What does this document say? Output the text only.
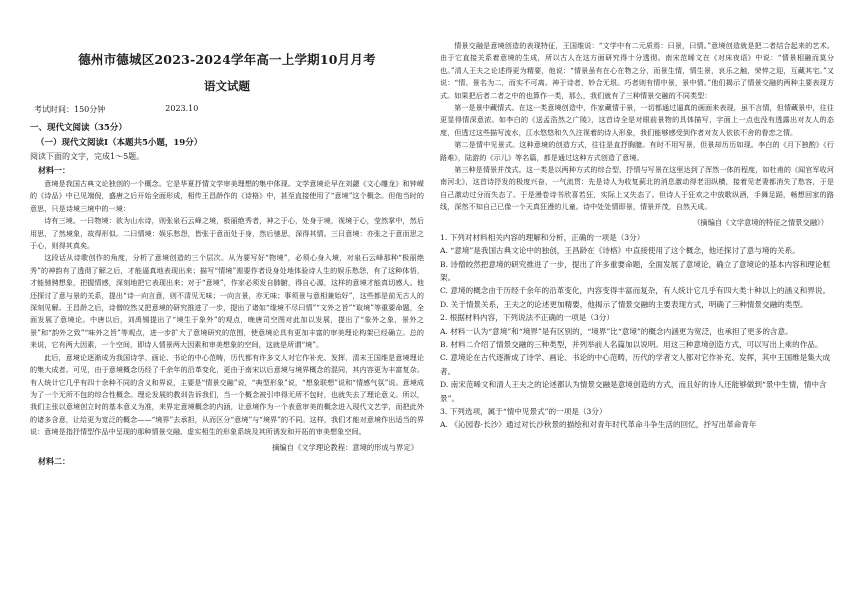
德州市德城区2023-2024学年高一上学期10月月考
语文试题
考试时间：150分钟	2023.10
一、现代文阅读（35分）
（一）现代文阅读Ⅰ（本题共5小题，19分）
阅读下面的文字，完成1～5题。
材料一：

意境是我国古典文论独创的一个概念。它是华夏抒情文学审美理想的集中体现。文学意境论早在刘勰《文心雕龙》和钟嵘的《诗品》中已见端倪，盛唐之后开始全面形成，相传王昌龄作的《诗格》中，甚至直接使用了“意境”这个概念。但他当时的意思，只是诗境三境中的一境：

诗有三境。一曰物境：欲为山水诗，则张泉石云峰之境，极丽绝秀者，神之于心，处身于境，视境于心，莹然掌中，然后用思，了然境象，故得形似。二曰情境：娱乐愁怨，皆张于意而处于身，然后驰思，深得其情。三曰意境：亦张之于意而思之于心，则得其真矣。

这段话从诗歌创作的角度，分析了意境创造的三个层次。从为要写好“物境”，必须心身入境，对泉石云峰那种“极丽绝秀”的神韵有了透彻了解之后，才能逼真地表现出来；描写“情境”需要作者设身处地体验诗人生的娱乐愁怨，有了这种体悟，才能驰骋想象，把握情感，深刻地把它表现出来；对于“意境”，作家必须发自肺腑，得自心源，这样的意境才能真切感人。他还探讨了意与景的关系，提出“诗一向言意，则不清见无味；一向言景，亦无味；事须景与意相兼始好”，这些都是前无古人的深刻见解。王昌龄之后，诗僧皎然又把意境的研究推进了一步，提出了诸如“缘境不尽曰情”“文外之旨”“取境”等重要命题，全面发展了意境论。中唐以后，刘禹锡提出了“境生于象外”的观点，晚唐司空图对此加以发展，提出了“象外之象，景外之景”和“韵外之致”“味外之旨”等观点，进一步扩大了意境研究的范围，使意境论具有更加丰富的审美理论构架已经确立。总的来说，它有两大因素，一个空间，即诗人情景两大因素和审美想象的空间，这就是所谓“境”。

此后，意境论逐渐成为我国诗学、画论、书论的中心范畴，历代都有许多文人对它作补充、发挥，清末王国维是意境理论的集大成者。可见，由于意境概念历经了千余年的沿革变化，更由于南宋以后意境与境界概念的混同，其内容更为丰富复杂。有人统计它几乎有四十余种不同的含义和界说，主要是“情景交融”说，“典型形象”说，“想象联想”说和“情感气氛”说。意境成为了一个无所不包的综合性概念。理论发展的教训告诉我们，当一个概念被引申得无所不包时，也就失去了理论意义。所以，我们主张以意境创立时的基本意义为准，来界定意境概念的内涵，让意境作为一个表意审美的概念进入现代文艺学，而把此外的诸多含意，让给更为宽泛的概念——“境界”去承担，从而区分“意境”与“境界”的不同。这样，我们才能对意境作出适当的界说：意境是指抒情型作品中呈现的那种情景交融、虚实相生的形象系统及其所诱发和开拓的审美想象空间。

摘编自《文学理论教程：意境的形成与界定》
材料二：

情景交融是意境创造的表现特征，王国维说：“文学中有二元质焉：曰景，曰情。”意境创造就是把二者结合起来的艺术。由于它直接关系着意境的生成，所以古人在这方面研究得十分透彻。南宋范晞文在《对床夜语》中说：“情景相融而莫分也。”清人王夫之论述得更为精要，他说：“情景虽有在心在物之分，而景生情，情生景，哀乐之触，荣悴之迎，互藏其宅。”又说：“情、景名为二，而实不可离。神于诗者，妙合无垠。巧者则有情中景，景中情。”他们揭示了情景交融的两种主要表现方式。如果把后者二者之中的也算作一类，那么，我们就有了三种情景交融的不同类型：

第一是景中藏情式。在这一类意境创造中，作家藏情于景，一切都通过逼真的画面来表现，虽不言情，但情藏景中，往往更显得情深意浓。如李白的《送孟浩然之广陵》，这首诗全是对眼前景物的具体描写，字面上一点也没有透露出对友人的态度，但透过这些描写流水，江水悠悠和久久注视着的诗人形象，我们能够感受到作者对友人依依不舍的眷恋之情。

第二是情中见景式。这种意境的创造方式，往往是直抒胸臆。有时不用写景，但景却历历如现。李白的《月下独酌》《行路难》，陆游的《示儿》等名篇，都是通过这种方式创造了意境。

第三种是情景并茂式。这一类是以两种方式的综合型，抒情与写景在这里达到了浑然一体的程度，如杜甫的《闻官军收河南河北》，这首诗抒发的极度兴奋，一气流贯：先是诗人为收复蓟北的消息激动得老泪纵横，接着见老妻都消失了愁容，于是自己激动过分而失态了。于是漫卷诗书欣喜若狂，实际上又失态了。但诗人于狂欢之中放歌纵酒，手舞足蹈，畅想回家的路线，深然不知自己已像一个天真狂漫的儿童。诗中处处情即景，情景并茂，自然天成。

（摘编自《文学意境的特征之情景交融》）

1. 下列对材料相关内容的理解和分析，正确的一项是（3分）

A. “意境”是我国古典文论中的独创，王昌龄在《诗格》中直接使用了这个概念，他还探讨了意与境的关系。

B. 诗僧皎然把意境的研究推进了一步，提出了许多重要命题，全面发展了意境论，确立了意境论的基本内容和理论框架。

C. 意境的概念由于历经千余年的沿革变化，内容变得丰富而复杂，有人统计它几乎有四大类十种以上的涵义和界说。

D. 关于情景关系，王夫之的论述更加精要，他揭示了情景交融的主要表现方式，明确了三种情景交融的类型。

2. 根据材料内容，下列说法不正确的一项是（3分）

A. 材料一认为“意境”和“境界”是有区别的，“境界”比“意境”的概念内涵更为宽泛，也承担了更多的含意。

B. 材料二介绍了情景交融的三种类型，并列举前人名篇加以说明。用这三种意境创造方式，可以写出上乘的作品。

C. 意境论在古代逐渐成了诗学、画论、书论的中心范畴，历代的学者文人都对它作补充、发挥，其中王国维是集大成者。

D. 南宋范晞文和清人王夫之的论述都认为情景交融是意境创造的方式，而且好的诗人还能够做到“景中生情，情中含景”。

3. 下列选项，属于“情中见景式”的一项是（3分）

A. 《沁园春·长沙》通过对长沙秋景的描绘和对青年时代革命斗争生活的回忆，抒写出革命青年
